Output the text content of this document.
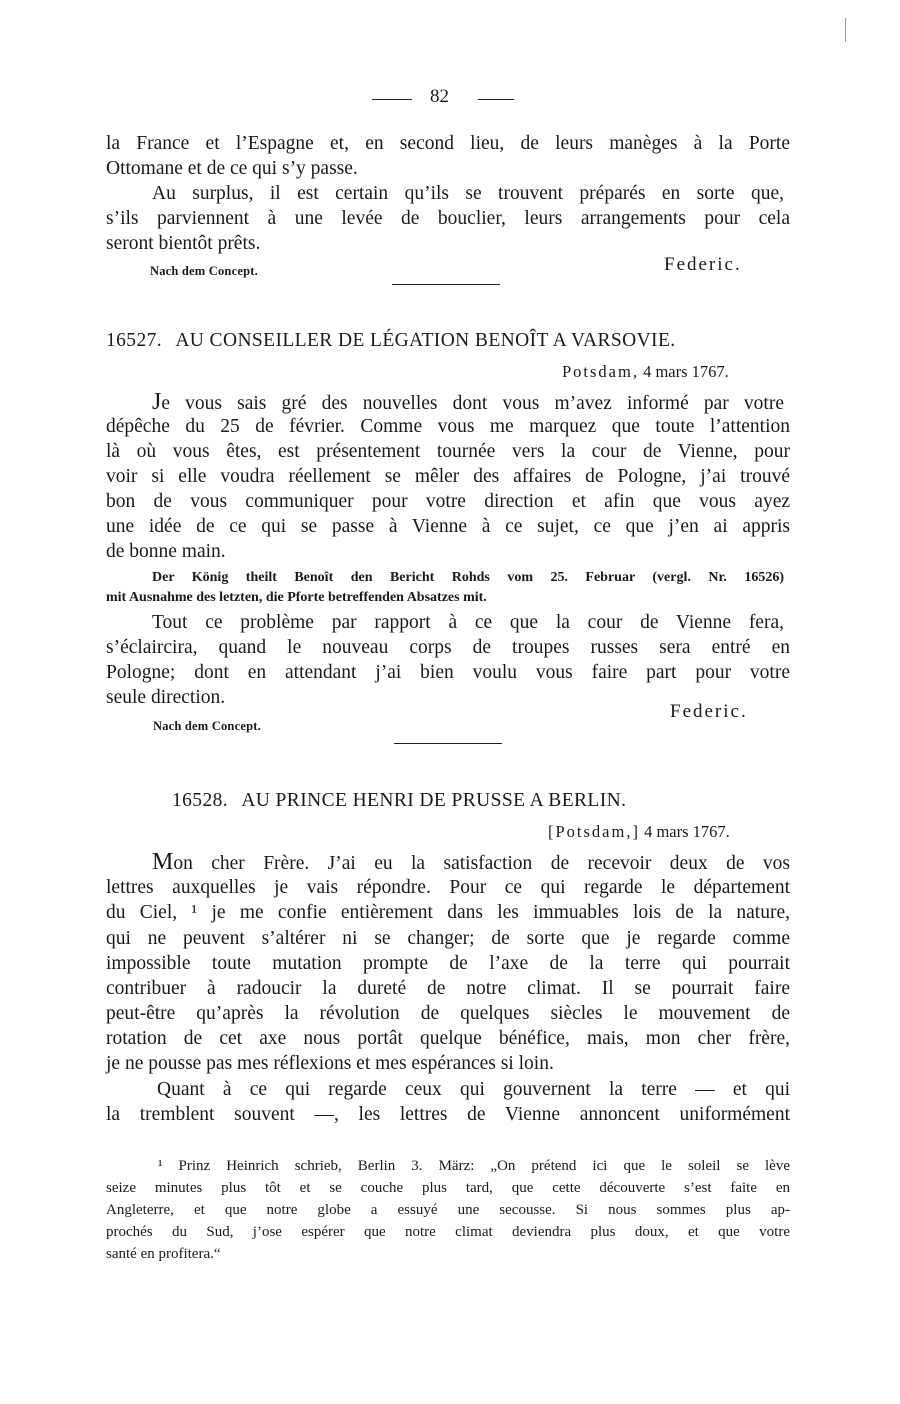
82
la France et l’Espagne et, en second lieu, de leurs manèges à la Porte
Ottomane et de ce qui s’y passe.
Au surplus, il est certain qu’ils se trouvent préparés en sorte que,
s’ils parviennent à une levée de bouclier, leurs arrangements pour cela
seront bientôt prêts.
Nach dem Concept.	Federic.
16527. AU CONSEILLER DE LÉGATION BENOÎT A VARSOVIE.
Potsdam, 4 mars 1767.
Je vous sais gré des nouvelles dont vous m’avez informé par votre
dépêche du 25 de février. Comme vous me marquez que toute l’attention
là où vous êtes, est présentement tournée vers la cour de Vienne, pour
voir si elle voudra réellement se mêler des affaires de Pologne, j’ai trouvé
bon de vous communiquer pour votre direction et afin que vous ayez
une idée de ce qui se passe à Vienne à ce sujet, ce que j’en ai appris
de bonne main.
Der König theilt Benoît den Bericht Rohds vom 25. Februar (vergl. Nr. 16526)
mit Ausnahme des letzten, die Pforte betreffenden Absatzes mit.
Tout ce problème par rapport à ce que la cour de Vienne fera,
s’éclaircira, quand le nouveau corps de troupes russes sera entré en
Pologne; dont en attendant j’ai bien voulu vous faire part pour votre
seule direction.
Federic.
Nach dem Concept.
16528. AU PRINCE HENRI DE PRUSSE A BERLIN.
[Potsdam,] 4 mars 1767.
Mon cher Frère. J’ai eu la satisfaction de recevoir deux de vos
lettres auxquelles je vais répondre. Pour ce qui regarde le département
du Ciel, ¹ je me confie entièrement dans les immuables lois de la nature,
qui ne peuvent s’altérer ni se changer; de sorte que je regarde comme
impossible toute mutation prompte de l’axe de la terre qui pourrait
contribuer à radoucir la dureté de notre climat. Il se pourrait faire
peut-être qu’après la révolution de quelques siècles le mouvement de
rotation de cet axe nous portât quelque bénéfice, mais, mon cher frère,
je ne pousse pas mes réflexions et mes espérances si loin.
Quant à ce qui regarde ceux qui gouvernent la terre — et qui
la tremblent souvent —, les lettres de Vienne annoncent uniformément
¹ Prinz Heinrich schrieb, Berlin 3. März: „On prétend ici que le soleil se lève
seize minutes plus tôt et se couche plus tard, que cette découverte s’est faite en
Angleterre, et que notre globe a essuyé une secousse. Si nous sommes plus ap-
prochés du Sud, j’ose espérer que notre climat deviendra plus doux, et que votre
santé en profitera.“
